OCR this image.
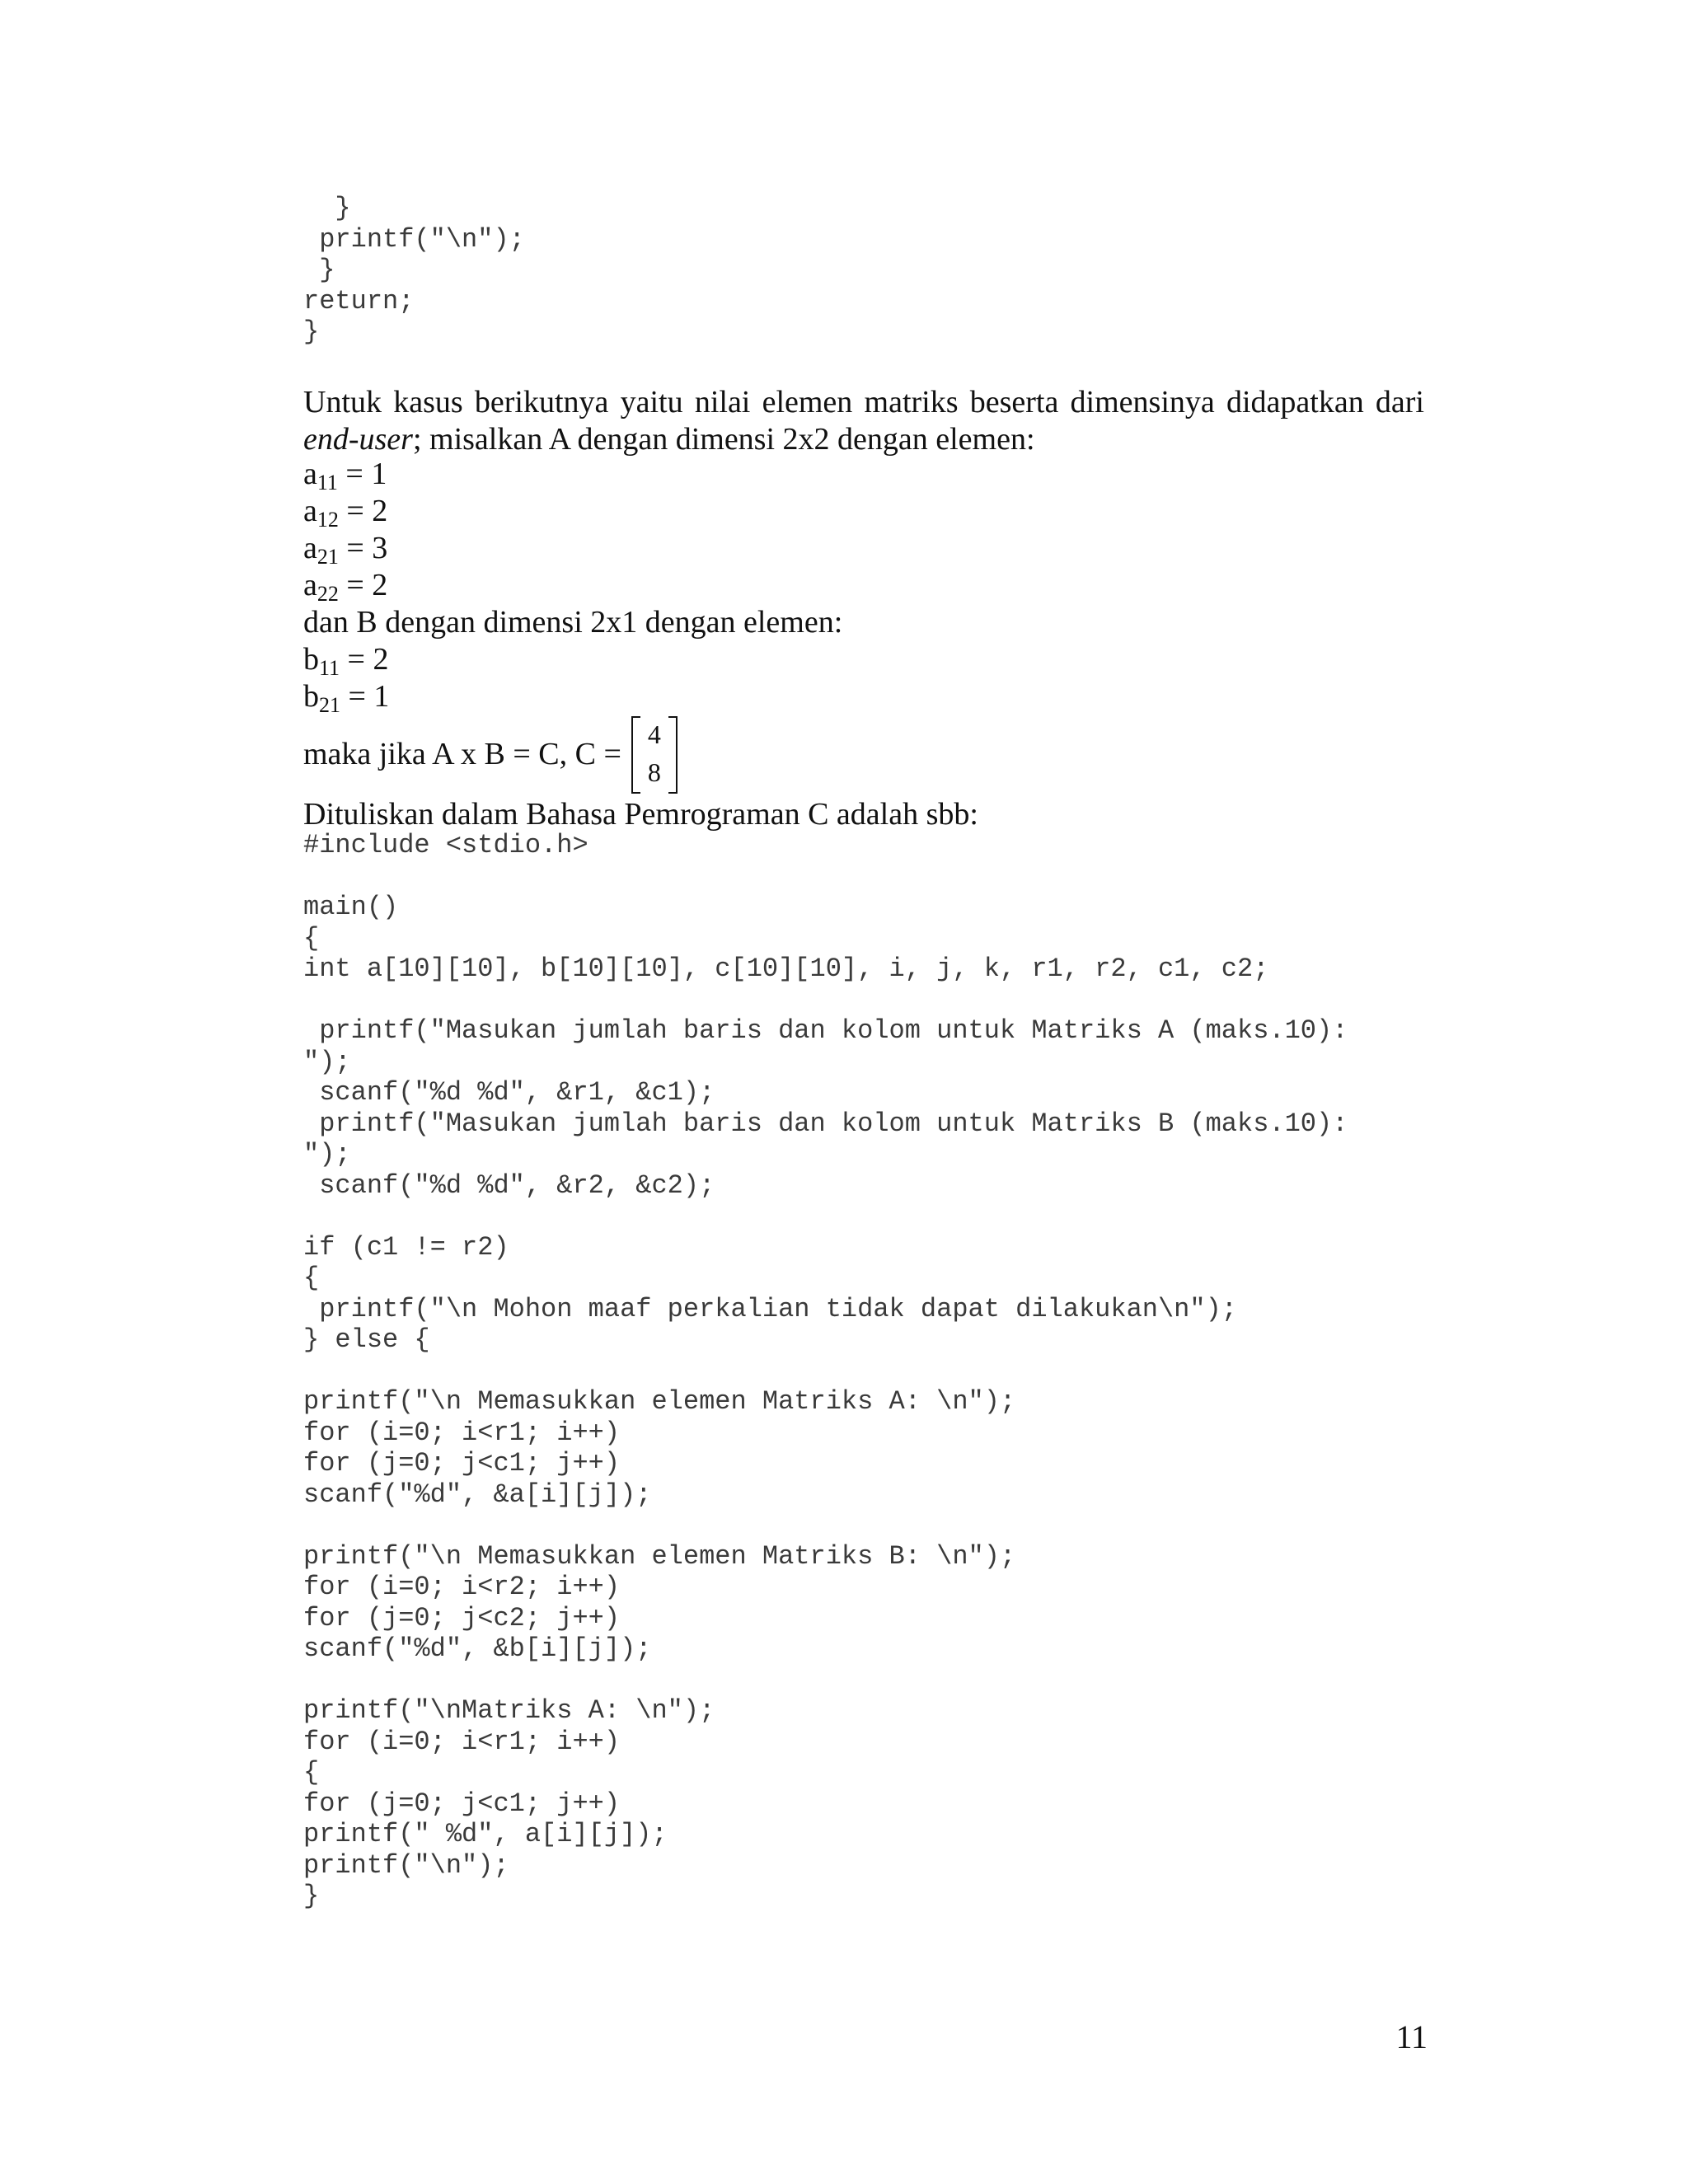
}
printf("\n");
}
return;
}
Untuk kasus berikutnya yaitu nilai elemen matriks beserta dimensinya didapatkan dari end-user; misalkan A dengan dimensi 2x2 dengan elemen:
$a_{11} = 1$
$a_{12} = 2$
$a_{21} = 3$
$a_{22} = 2$
dan B dengan dimensi 2x1 dengan elemen:
$b_{11} = 2$
$b_{21} = 1$
maka jika A x B = C, C =
4
8
Dituliskan dalam Bahasa Pemrograman C adalah sbb:
#include <stdio.h>
main()
{
int a[10][10], b[10][10], c[10][10], i, j, k, r1, r2, c1, c2;
printf("Masukan jumlah baris dan kolom untuk Matriks A (maks.10):
");
scanf("%d %d", &r1, &c1);
printf("Masukan jumlah baris dan kolom untuk Matriks B (maks.10):
");
scanf("%d %d", &r2, &c2);
if (c1 != r2)
{
printf("\n Mohon maaf perkalian tidak dapat dilakukan\n");
} else {
printf("\n Memasukkan elemen Matriks A: \n");
for (i=0; i<r1; i++)
for (j=0; j<c1; j++)
scanf("%d", &a[i][j]);
printf("\n Memasukkan elemen Matriks B: \n");
for (i=0; i<r2; i++)
for (j=0; j<c2; j++)
scanf("%d", &b[i][j]);
printf("\nMatriks A: \n");
for (i=0; i<r1; i++)
{
for (j=0; j<c1; j++)
printf(" %d", a[i][j]);
printf("\n");
}
11
